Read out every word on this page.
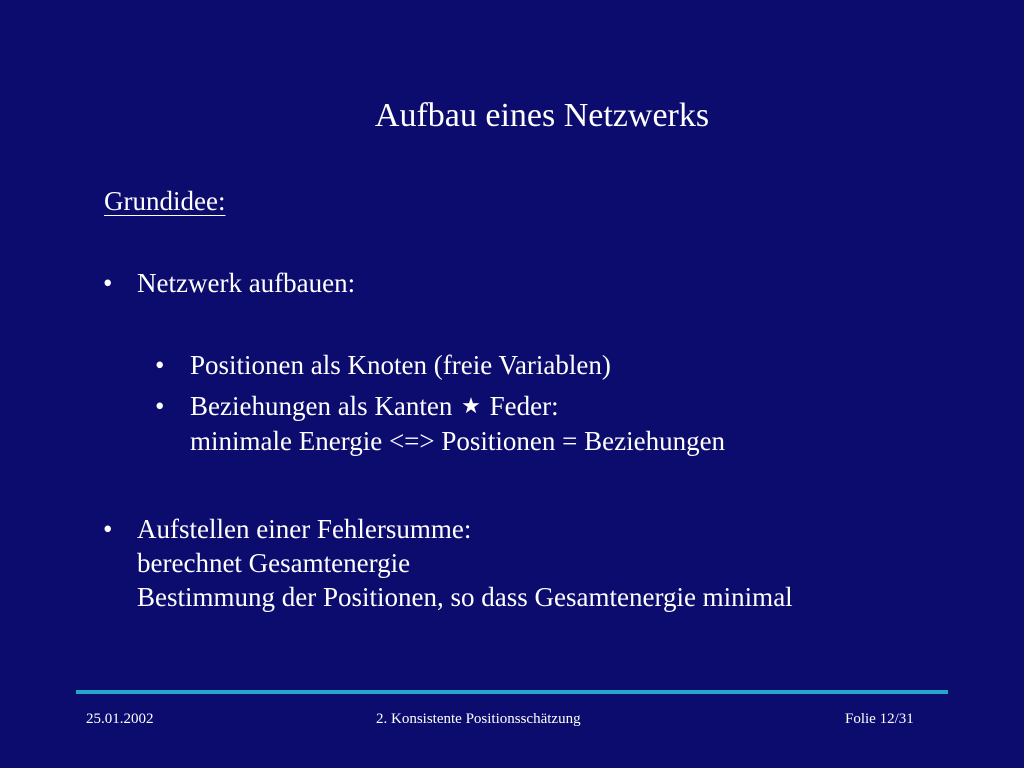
Aufbau eines Netzwerks
Grundidee:
• Netzwerk aufbauen:
• Positionen als Knoten (freie Variablen)
• Beziehungen als Kanten ★ Feder:
minimale Energie <=> Positionen = Beziehungen
• Aufstellen einer Fehlersumme:
berechnet Gesamtenergie
Bestimmung der Positionen, so dass Gesamtenergie minimal
25.01.2002	2. Konsistente Positionsschätzung	Folie 12/31
